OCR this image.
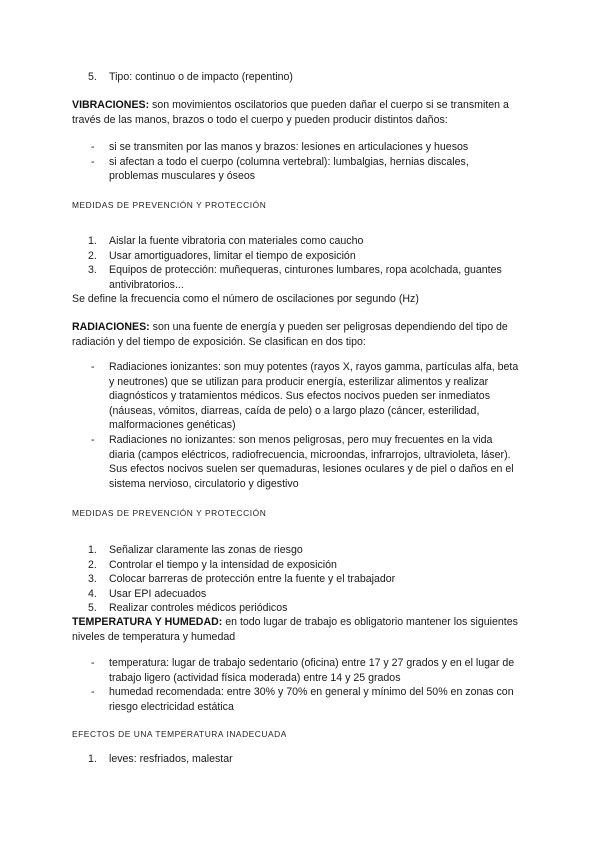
5. Tipo: continuo o de impacto (repentino)

VIBRACIONES: son movimientos oscilatorios que pueden dañar el cuerpo si se transmiten a través de las manos, brazos o todo el cuerpo y pueden producir distintos daños:

- si se transmiten por las manos y brazos: lesiones en articulaciones y huesos
- si afectan a todo el cuerpo (columna vertebral): lumbalgias, hernias discales, problemas musculares y óseos
MEDIDAS DE PREVENCIÓN Y PROTECCIÓN
1. Aislar la fuente vibratoria con materiales como caucho
2. Usar amortiguadores, limitar el tiempo de exposición
3. Equipos de protección: muñequeras, cinturones lumbares, ropa acolchada, guantes antivibratorios...

Se define la frecuencia como el número de oscilaciones por segundo (Hz)

RADIACIONES: son una fuente de energía y pueden ser peligrosas dependiendo del tipo de radiación y del tiempo de exposición. Se clasifican en dos tipo:

- Radiaciones ionizantes: son muy potentes (rayos X, rayos gamma, partículas alfa, beta y neutrones) que se utilizan para producir energía, esterilizar alimentos y realizar diagnósticos y tratamientos médicos. Sus efectos nocivos pueden ser inmediatos (náuseas, vómitos, diarreas, caída de pelo) o a largo plazo (cáncer, esterilidad, malformaciones genéticas)
- Radiaciones no ionizantes: son menos peligrosas, pero muy frecuentes en la vida diaria (campos eléctricos, radiofrecuencia, microondas, infrarrojos, ultravioleta, láser). Sus efectos nocivos suelen ser quemaduras, lesiones oculares y de piel o daños en el sistema nervioso, circulatorio y digestivo
MEDIDAS DE PREVENCIÓN Y PROTECCIÓN
1. Señalizar claramente las zonas de riesgo
2. Controlar el tiempo y la intensidad de exposición
3. Colocar barreras de protección entre la fuente y el trabajador
4. Usar EPI adecuados
5. Realizar controles médicos periódicos

TEMPERATURA Y HUMEDAD: en todo lugar de trabajo es obligatorio mantener los siguientes niveles de temperatura y humedad

- temperatura: lugar de trabajo sedentario (oficina) entre 17 y 27 grados y en el lugar de trabajo ligero (actividad física moderada) entre 14 y 25 grados
- humedad recomendada: entre 30% y 70% en general y mínimo del 50% en zonas con riesgo electricidad estática
EFECTOS DE UNA TEMPERATURA INADECUADA
1. leves: resfriados, malestar
